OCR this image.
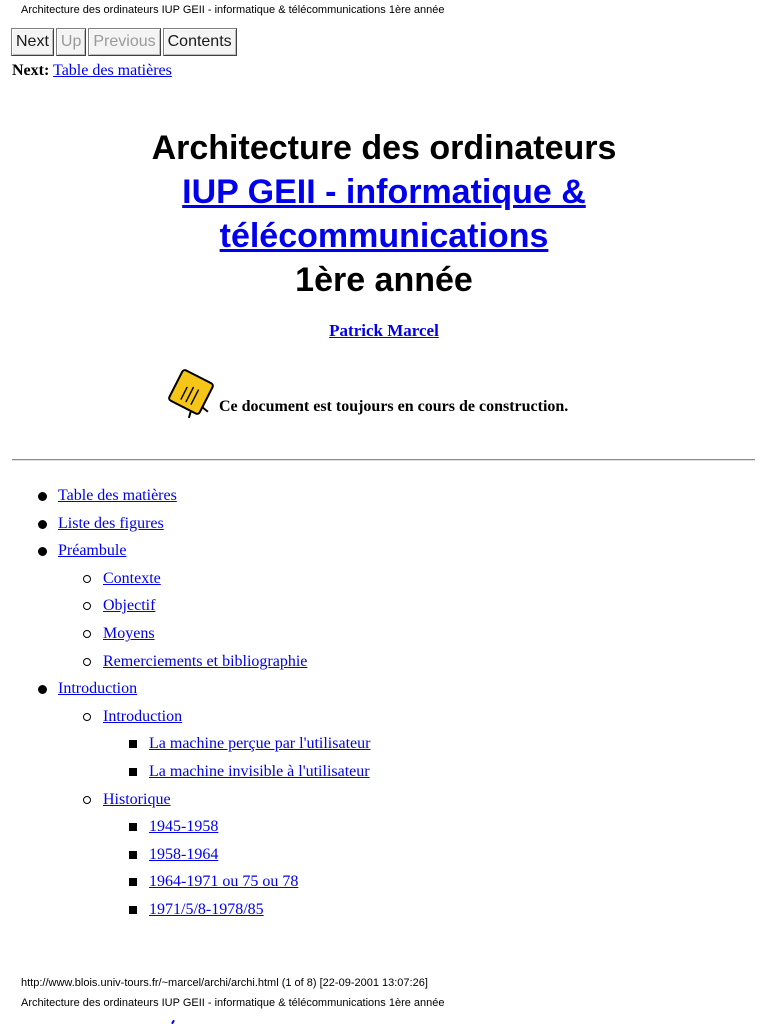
Architecture des ordinateurs IUP GEII - informatique & télécommunications 1ère année
Next Up Previous Contents
Next: Table des matières
Architecture des ordinateurs
IUP GEII - informatique &
télécommunications
1ère année
Patrick Marcel
Ce document est toujours en cours de construction.
Table des matières
Liste des figures
Préambule
Contexte
Objectif
Moyens
Remerciements et bibliographie
Introduction
Introduction
La machine perçue par l'utilisateur
La machine invisible à l'utilisateur
Historique
1945-1958
1958-1964
1964-1971 ou 75 ou 78
1971/5/8-1978/85
http://www.blois.univ-tours.fr/~marcel/archi/archi.html (1 of 8) [22-09-2001 13:07:26]
Architecture des ordinateurs IUP GEII - informatique & télécommunications 1ère année
